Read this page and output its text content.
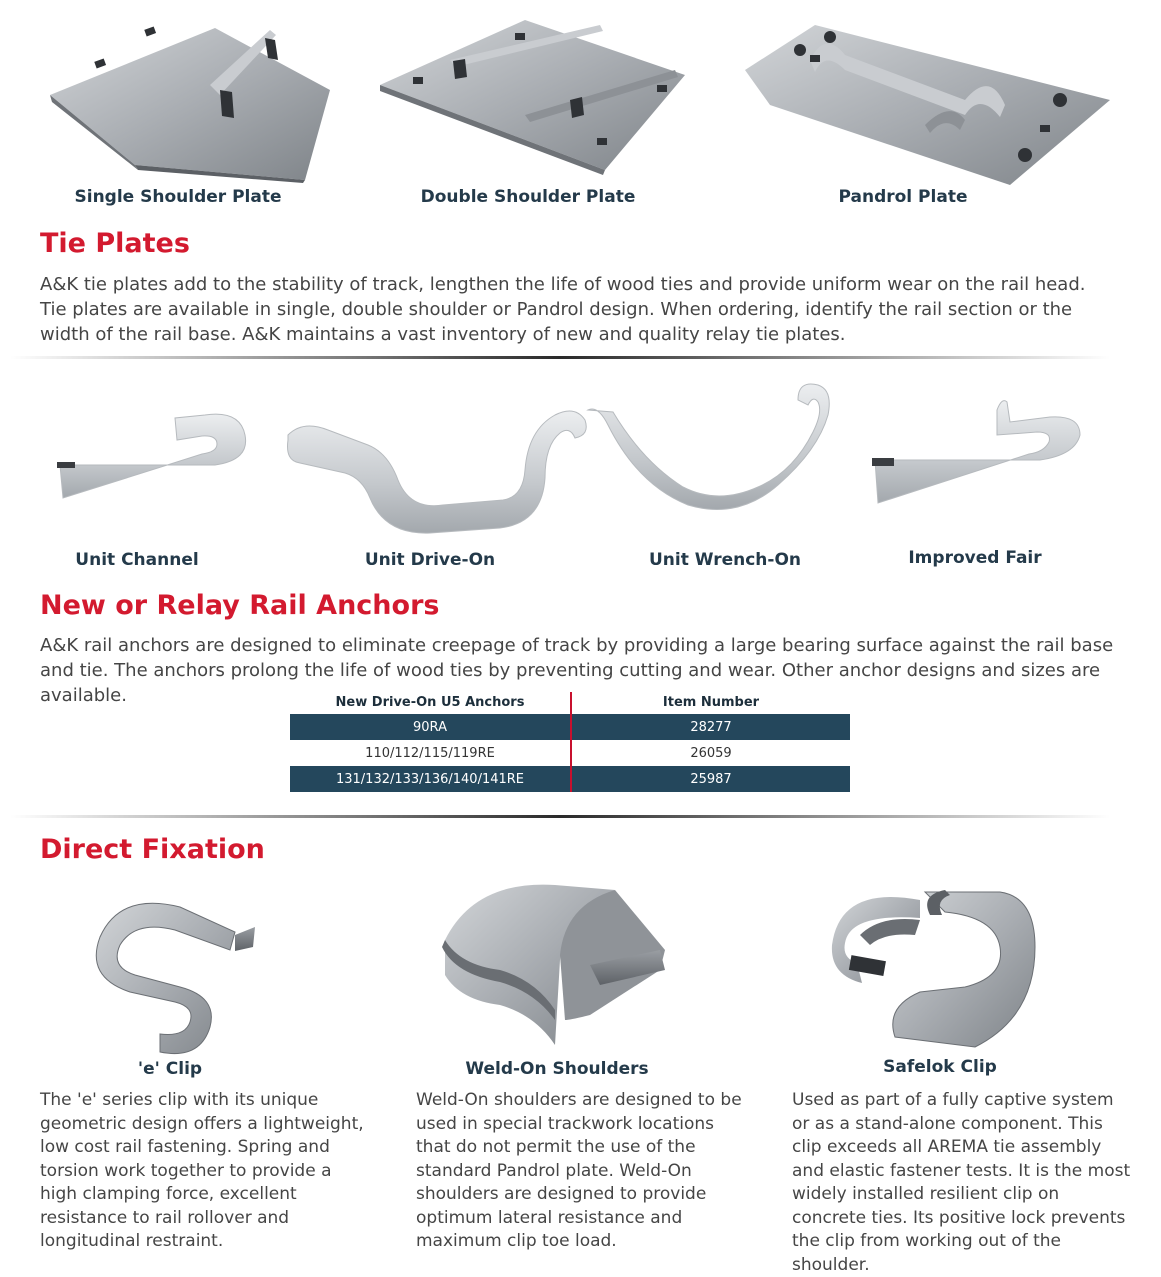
Single Shoulder Plate	Double Shoulder Plate	Pandrol Plate
Tie Plates
A&K tie plates add to the stability of track, lengthen the life of wood ties and provide uniform wear on the rail head. Tie plates are available in single, double shoulder or Pandrol design. When ordering, identify the rail section or the width of the rail base. A&K maintains a vast inventory of new and quality relay tie plates.
Unit Channel	Unit Drive-On	Unit Wrench-On	Improved Fair
New or Relay Rail Anchors
A&K rail anchors are designed to eliminate creepage of track by providing a large bearing surface against the rail base and tie. The anchors prolong the life of wood ties by preventing cutting and wear. Other anchor designs and sizes are available.	New Drive-On U5 Anchors	Item Number
90RA	28277
110/112/115/119RE	26059
131/132/133/136/140/141RE	25987
Direct Fixation
'e' Clip	Weld-On Shoulders	Safelok Clip
The 'e' series clip with its unique geometric design offers a lightweight, low cost rail fastening. Spring and torsion work together to provide a high clamping force, excellent resistance to rail rollover and longitudinal restraint.
Weld-On shoulders are designed to be used in special trackwork locations that do not permit the use of the standard Pandrol plate. Weld-On shoulders are designed to provide optimum lateral resistance and maximum clip toe load.
Used as part of a fully captive system or as a stand-alone component. This clip exceeds all AREMA tie assembly and elastic fastener tests. It is the most widely installed resilient clip on concrete ties. Its positive lock prevents the clip from working out of the shoulder.
